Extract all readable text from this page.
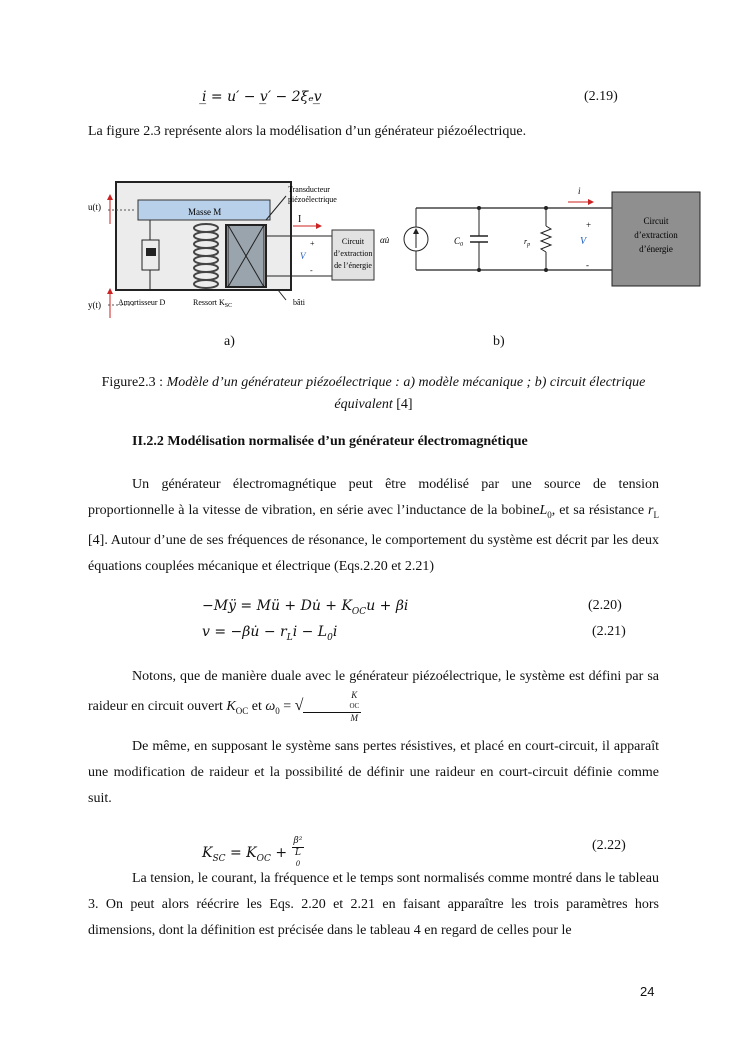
i̲ = u′ − v̲′ − 2ξₑv̲	(2.19)
La figure 2.3 représente alors la modélisation d’un générateur piézoélectrique.
Masse M
u(t)
y(t)
Transducteur
piézoélectrique
I
+
V
-
Circuit
d’extraction
de l’énergie
Amortisseur D	Ressort $K_{SC}$	bâti
αu̇	$C_0$	$r_p$
i
+
V
-
Circuit
d’extraction
d’énergie
a)	b)
Figure2.3 : Modèle d’un générateur piézoélectrique : a) modèle mécanique ; b) circuit électrique équivalent [4]
II.2.2 Modélisation normalisée d’un générateur électromagnétique
Un générateur électromagnétique peut être modélisé par une source de tension proportionnelle à la vitesse de vibration, en série avec l’inductance de la bobineL$_0$, et sa résistance $r_L$ [4]. Autour d’une de ses fréquences de résonance, le comportement du système est décrit par les deux équations couplées mécanique et électrique (Eqs.2.20 et 2.21)
−Mÿ = Mü + Du̇ + $K_{OC}u + \beta i$	(2.20)
v = −βu̇ − $r_Li - L_0i$	(2.21)
Notons, que de manière duale avec le générateur piézoélectrique, le système est défini par sa raideur en circuit ouvert $K_{OC}$ et $\omega_0$ = √ K
OC
M
De même, en supposant le système sans pertes résistives, et placé en court-circuit, il apparaît une modification de raideur et la possibilité de définir une raideur en court-circuit définie comme suit.
$K_{SC} = K_{OC} + \beta^2$
L
0	(2.22)
La tension, le courant, la fréquence et le temps sont normalisés comme montré dans le tableau 3. On peut alors réécrire les Eqs. 2.20 et 2.21 en faisant apparaître les trois paramètres hors dimensions, dont la définition est précisée dans le tableau 4 en regard de celles pour le
24
